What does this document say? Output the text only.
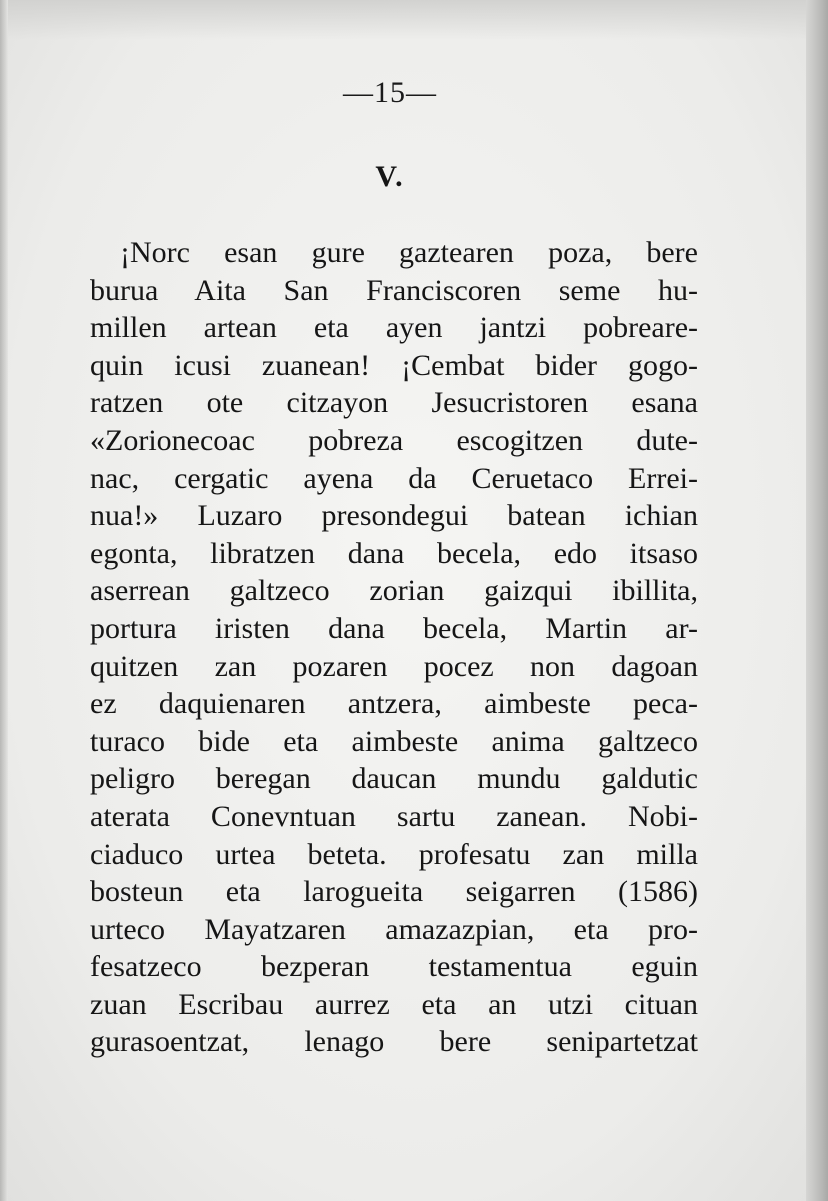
—15—
V.
¡Norc esan gure gaztearen poza, bere
burua Aita San Franciscoren seme hu-
millen artean eta ayen jantzi pobreare-
quin icusi zuanean! ¡Cembat bider gogo-
ratzen ote citzayon Jesucristoren esana
«Zorionecoac pobreza escogitzen dute-
nac, cergatic ayena da Ceruetaco Errei-
nua!» Luzaro presondegui batean ichian
egonta, libratzen dana becela, edo itsaso
aserrean galtzeco zorian gaizqui ibillita,
portura iristen dana becela, Martin ar-
quitzen zan pozaren pocez non dagoan
ez daquienaren antzera, aimbeste peca-
turaco bide eta aimbeste anima galtzeco
peligro beregan daucan mundu galdutic
aterata Conevntuan sartu zanean. Nobi-
ciaduco urtea beteta. profesatu zan milla
bosteun eta larogueita seigarren (1586)
urteco Mayatzaren amazazpian, eta pro-
fesatzeco bezperan testamentua eguin
zuan Escribau aurrez eta an utzi cituan
gurasoentzat, lenago bere senipartetzat
